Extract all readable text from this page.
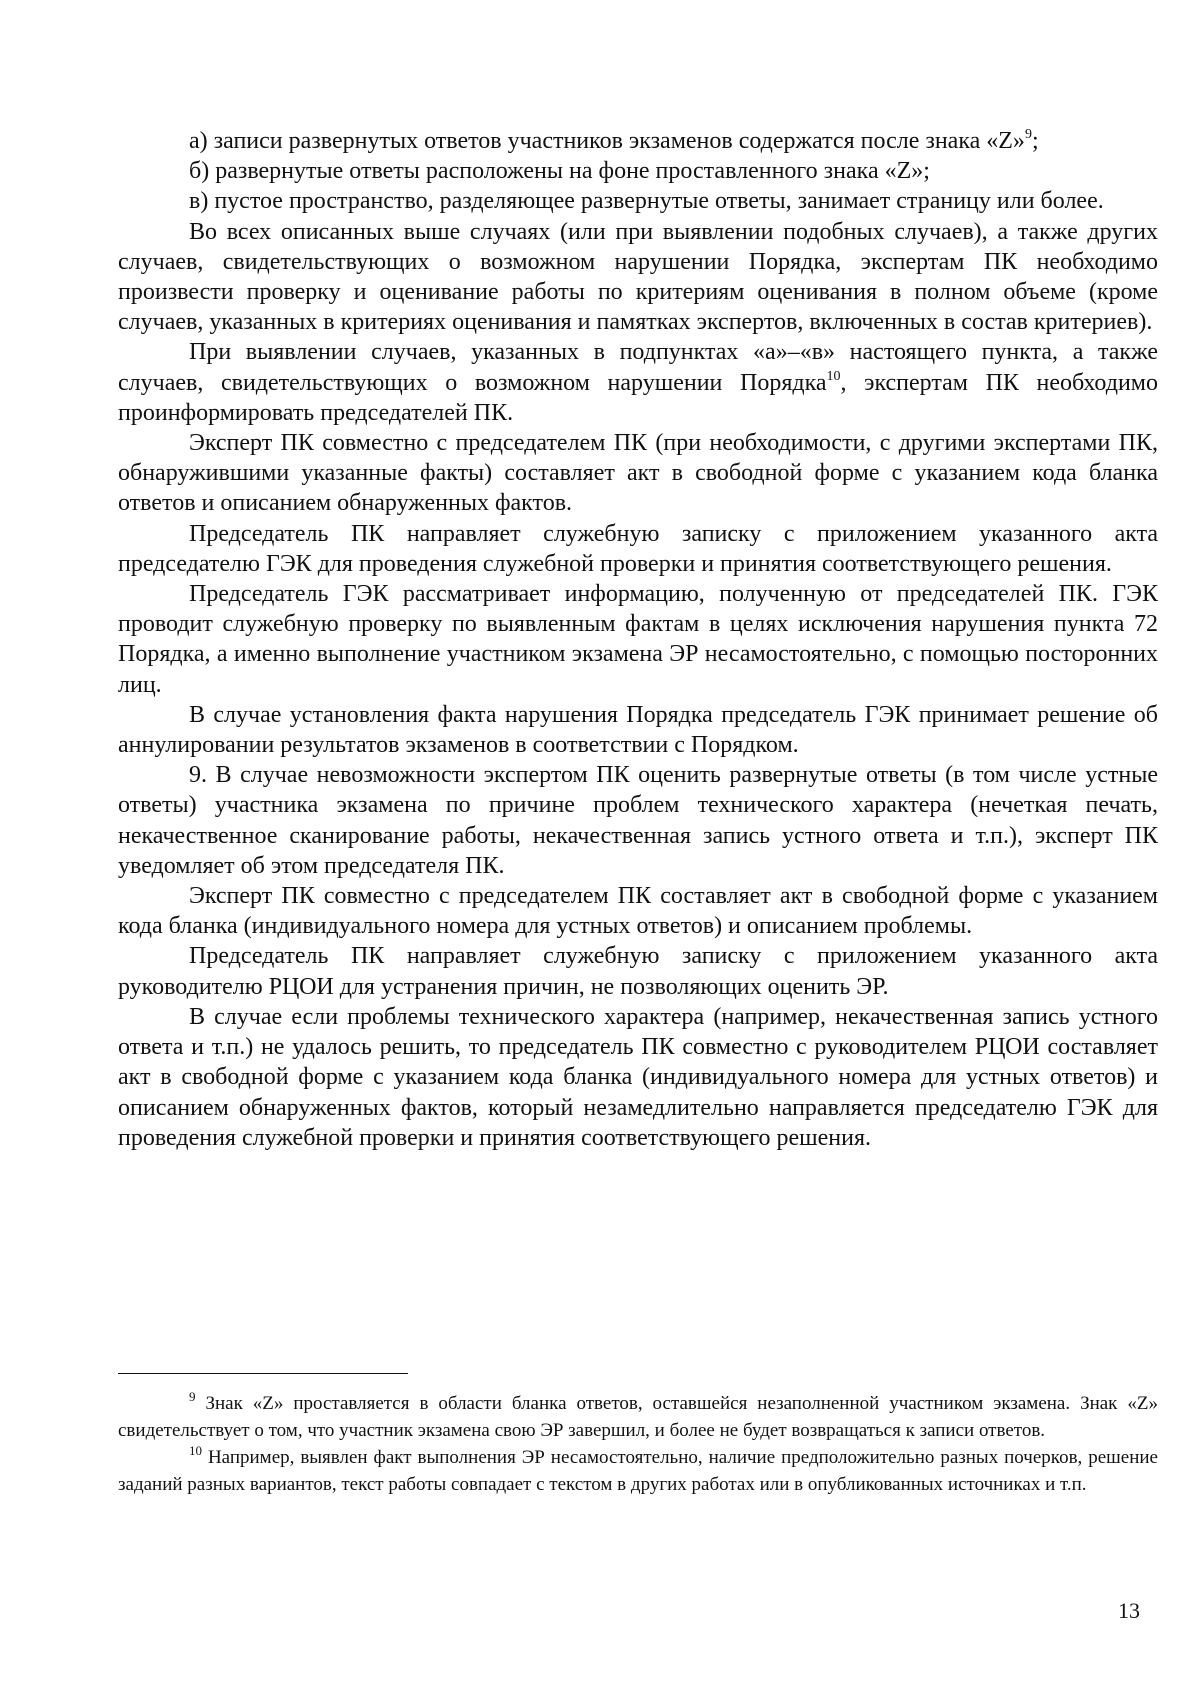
а) записи развернутых ответов участников экзаменов содержатся после знака «Z»$^9$;

б) развернутые ответы расположены на фоне проставленного знака «Z»;

в) пустое пространство, разделяющее развернутые ответы, занимает страницу или более.

Во всех описанных выше случаях (или при выявлении подобных случаев), а также других случаев, свидетельствующих о возможном нарушении Порядка, экспертам ПК необходимо произвести проверку и оценивание работы по критериям оценивания в полном объеме (кроме случаев, указанных в критериях оценивания и памятках экспертов, включенных в состав критериев).

При выявлении случаев, указанных в подпунктах «а»–«в» настоящего пункта, а также случаев, свидетельствующих о возможном нарушении Порядка$^{10}$, экспертам ПК необходимо проинформировать председателей ПК.

Эксперт ПК совместно с председателем ПК (при необходимости, с другими экспертами ПК, обнаружившими указанные факты) составляет акт в свободной форме с указанием кода бланка ответов и описанием обнаруженных фактов.

Председатель ПК направляет служебную записку с приложением указанного акта председателю ГЭК для проведения служебной проверки и принятия соответствующего решения.

Председатель ГЭК рассматривает информацию, полученную от председателей ПК. ГЭК проводит служебную проверку по выявленным фактам в целях исключения нарушения пункта 72 Порядка, а именно выполнение участником экзамена ЭР несамостоятельно, с помощью посторонних лиц.

В случае установления факта нарушения Порядка председатель ГЭК принимает решение об аннулировании результатов экзаменов в соответствии с Порядком.

9. В случае невозможности экспертом ПК оценить развернутые ответы (в том числе устные ответы) участника экзамена по причине проблем технического характера (нечеткая печать, некачественное сканирование работы, некачественная запись устного ответа и т.п.), эксперт ПК уведомляет об этом председателя ПК.

Эксперт ПК совместно с председателем ПК составляет акт в свободной форме с указанием кода бланка (индивидуального номера для устных ответов) и описанием проблемы.

Председатель ПК направляет служебную записку с приложением указанного акта руководителю РЦОИ для устранения причин, не позволяющих оценить ЭР.

В случае если проблемы технического характера (например, некачественная запись устного ответа и т.п.) не удалось решить, то председатель ПК совместно с руководителем РЦОИ составляет акт в свободной форме с указанием кода бланка (индивидуального номера для устных ответов) и описанием обнаруженных фактов, который незамедлительно направляется председателю ГЭК для проведения служебной проверки и принятия соответствующего решения.

$^9$ Знак «Z» проставляется в области бланка ответов, оставшейся незаполненной участником экзамена. Знак «Z» свидетельствует о том, что участник экзамена свою ЭР завершил, и более не будет возвращаться к записи ответов.

$^{10}$ Например, выявлен факт выполнения ЭР несамостоятельно, наличие предположительно разных почерков, решение заданий разных вариантов, текст работы совпадает с текстом в других работах или в опубликованных источниках и т.п.

13
